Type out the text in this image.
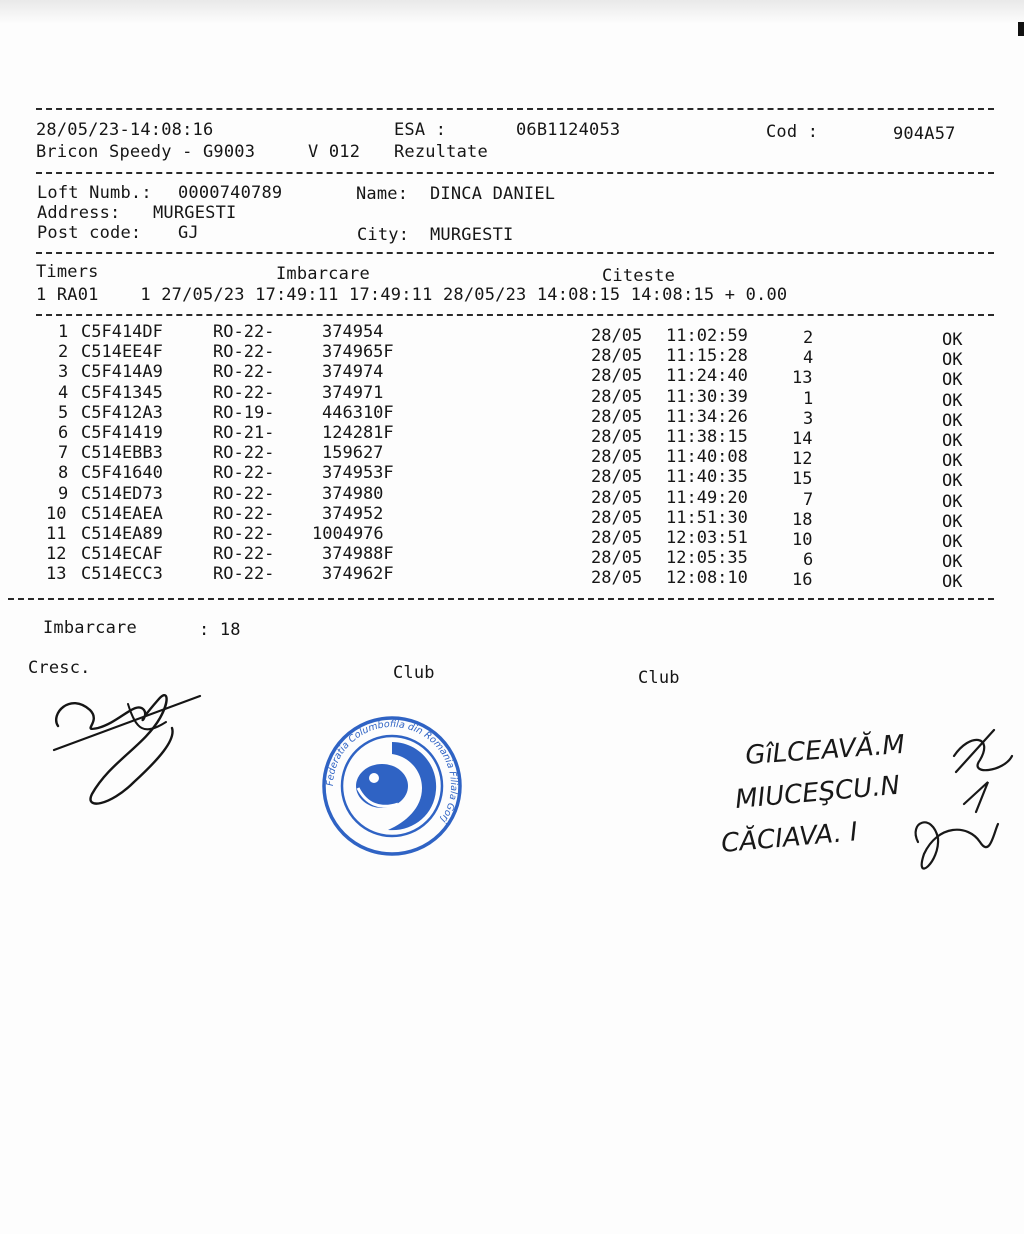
28/05/23-14:08:16	ESA :	06B1124053	Cod :	904A57
Bricon Speedy - G9003	V 012 Rezultate
Loft Numb.: 0000740789	Name: DINCA DANIEL
Address: MURGESTI
Post code: GJ	City: MURGESTI
Timers	Imbarcare	Citeste
1 RA01    1 27/05/23 17:49:11 17:49:11 28/05/23 14:08:15 14:08:15 + 0.00
1 C5F414DF	RO-22-	374954	28/05 11:02:59	2	OK
2 C514EE4F	RO-22-	374965F	28/05 11:15:28	4	OK
3 C5F414A9	RO-22-	374974	28/05 11:24:40	13	OK
4 C5F41345	RO-22-	374971	28/05 11:30:39	1	OK
5 C5F412A3	RO-19-	446310F	28/05 11:34:26	3	OK
6 C5F41419	RO-21-	124281F	28/05 11:38:15	14	OK
7 C514EBB3	RO-22-	159627	28/05 11:40:08	12	OK
8 C5F41640	RO-22-	374953F	28/05 11:40:35	15	OK
9 C514ED73	RO-22-	374980	28/05 11:49:20	7	OK
10 C514EAEA	RO-22-	374952	28/05 11:51:30	18	OK
11 C514EA89	RO-22- 1004976	28/05 12:03:51	10	OK
12 C514ECAF	RO-22-	374988F	28/05 12:05:35	6	OK
13 C514ECC3	RO-22-	374962F	28/05 12:08:10	16	OK
Imbarcare	: 18
Cresc.	Club	Club
Federatia Columbofila din Romania Filiala Gorj
GîLCEAVĂ.M
MIUCEŞCU.N
CĂCIAVA. I
